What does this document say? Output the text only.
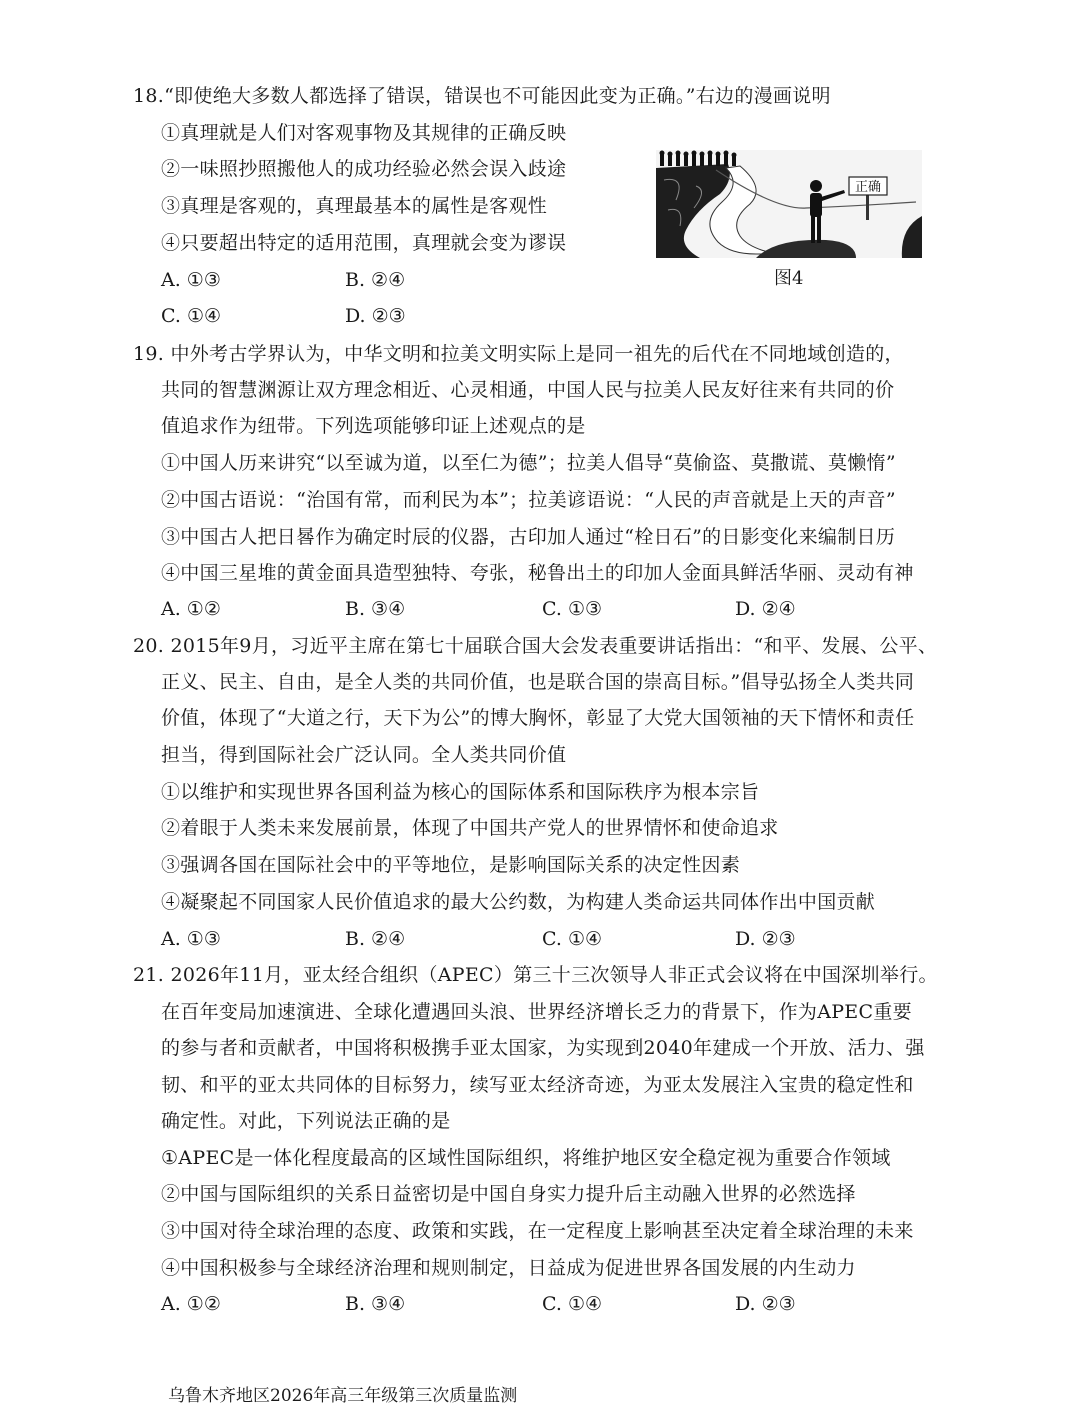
18.“即使绝大多数人都选择了错误，错误也不可能因此变为正确。”右边的漫画说明
①真理就是人们对客观事物及其规律的正确反映
②一味照抄照搬他人的成功经验必然会误入歧途
③真理是客观的，真理最基本的属性是客观性
④只要超出特定的适用范围，真理就会变为谬误
A. ①③	B. ②④
C. ①④	D. ②③
正确
图4
19. 中外考古学界认为，中华文明和拉美文明实际上是同一祖先的后代在不同地域创造的，
共同的智慧渊源让双方理念相近、心灵相通，中国人民与拉美人民友好往来有共同的价
值追求作为纽带。下列选项能够印证上述观点的是
①中国人历来讲究“以至诚为道，以至仁为德”；拉美人倡导“莫偷盗、莫撒谎、莫懒惰”
②中国古语说：“治国有常，而利民为本”；拉美谚语说：“人民的声音就是上天的声音”
③中国古人把日晷作为确定时辰的仪器，古印加人通过“栓日石”的日影变化来编制日历
④中国三星堆的黄金面具造型独特、夸张，秘鲁出土的印加人金面具鲜活华丽、灵动有神
A. ①②	B. ③④	C. ①③	D. ②④
20. 2015年9月，习近平主席在第七十届联合国大会发表重要讲话指出：“和平、发展、公平、
正义、民主、自由，是全人类的共同价值，也是联合国的崇高目标。”倡导弘扬全人类共同
价值，体现了“大道之行，天下为公”的博大胸怀，彰显了大党大国领袖的天下情怀和责任
担当，得到国际社会广泛认同。全人类共同价值
①以维护和实现世界各国利益为核心的国际体系和国际秩序为根本宗旨
②着眼于人类未来发展前景，体现了中国共产党人的世界情怀和使命追求
③强调各国在国际社会中的平等地位，是影响国际关系的决定性因素
④凝聚起不同国家人民价值追求的最大公约数，为构建人类命运共同体作出中国贡献
A. ①③	B. ②④	C. ①④	D. ②③
21. 2026年11月，亚太经合组织（APEC）第三十三次领导人非正式会议将在中国深圳举行。
在百年变局加速演进、全球化遭遇回头浪、世界经济增长乏力的背景下，作为APEC重要
的参与者和贡献者，中国将积极携手亚太国家，为实现到2040年建成一个开放、活力、强
韧、和平的亚太共同体的目标努力，续写亚太经济奇迹，为亚太发展注入宝贵的稳定性和
确定性。对此，下列说法正确的是
①APEC是一体化程度最高的区域性国际组织，将维护地区安全稳定视为重要合作领域
②中国与国际组织的关系日益密切是中国自身实力提升后主动融入世界的必然选择
③中国对待全球治理的态度、政策和实践，在一定程度上影响甚至决定着全球治理的未来
④中国积极参与全球经济治理和规则制定，日益成为促进世界各国发展的内生动力
A. ①②	B. ③④	C. ①④	D. ②③
乌鲁木齐地区2026年高三年级第三次质量监测
